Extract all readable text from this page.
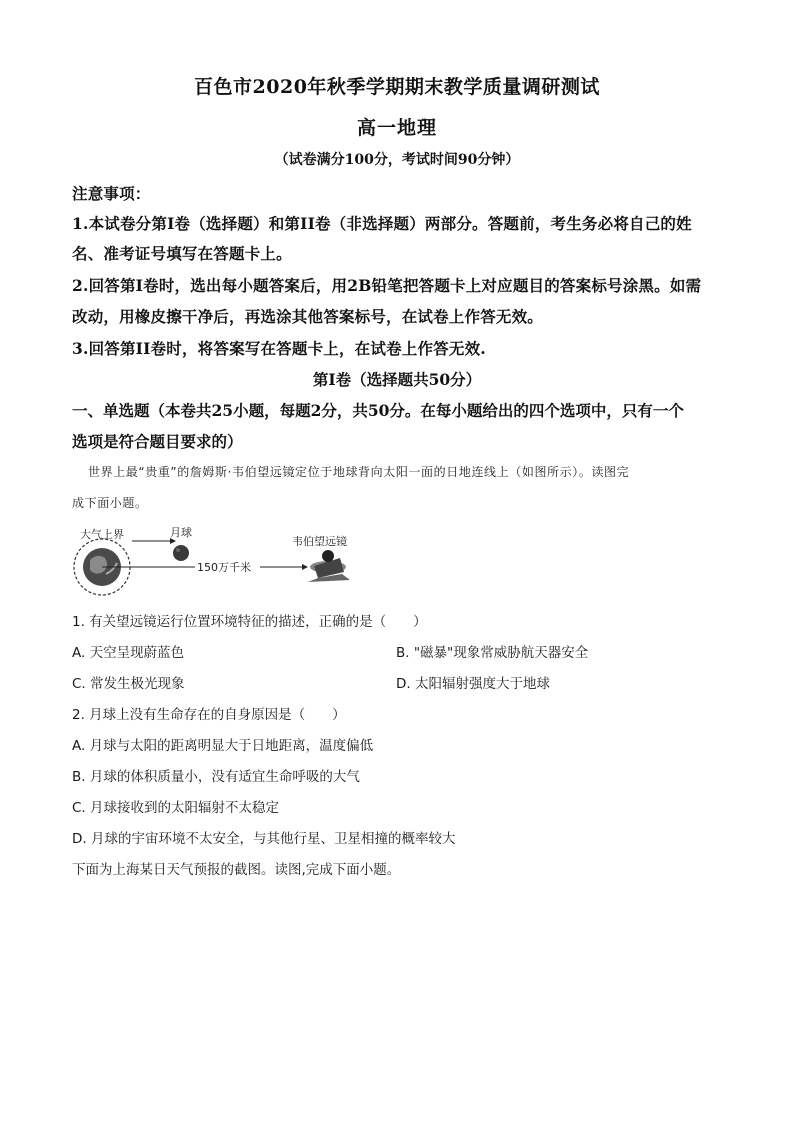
百色市2020年秋季学期期末教学质量调研测试
高一地理
（试卷满分100分，考试时间90分钟）
注意事项：
1.本试卷分第I卷（选择题）和第II卷（非选择题）两部分。答题前，考生务必将自己的姓
名、准考证号填写在答题卡上。
2.回答第I卷时，选出每小题答案后，用2B铅笔把答题卡上对应题目的答案标号涂黑。如需
改动，用橡皮擦干净后，再选涂其他答案标号，在试卷上作答无效。
3.回答第II卷时，将答案写在答题卡上，在试卷上作答无效.
第I卷（选择题共50分）
一、单选题（本卷共25小题，每题2分，共50分。在每小题给出的四个选项中，只有一个
选项是符合题目要求的）
世界上最“贵重”的詹姆斯·韦伯望远镜定位于地球背向太阳一面的日地连线上（如图所示）。读图完
成下面小题。
大气上界	月球
150万千米
韦伯望远镜
1. 有关望远镜运行位置环境特征的描述，正确的是（　　）
A. 天空呈现蔚蓝色	B. "磁暴"现象常威胁航天器安全
C. 常发生极光现象	D. 太阳辐射强度大于地球
2. 月球上没有生命存在的自身原因是（　　）
A. 月球与太阳的距离明显大于日地距离，温度偏低
B. 月球的体积质量小，没有适宜生命呼吸的大气
C. 月球接收到的太阳辐射不太稳定
D. 月球的宇宙环境不太安全，与其他行星、卫星相撞的概率较大
下面为上海某日天气预报的截图。读图,完成下面小题。
